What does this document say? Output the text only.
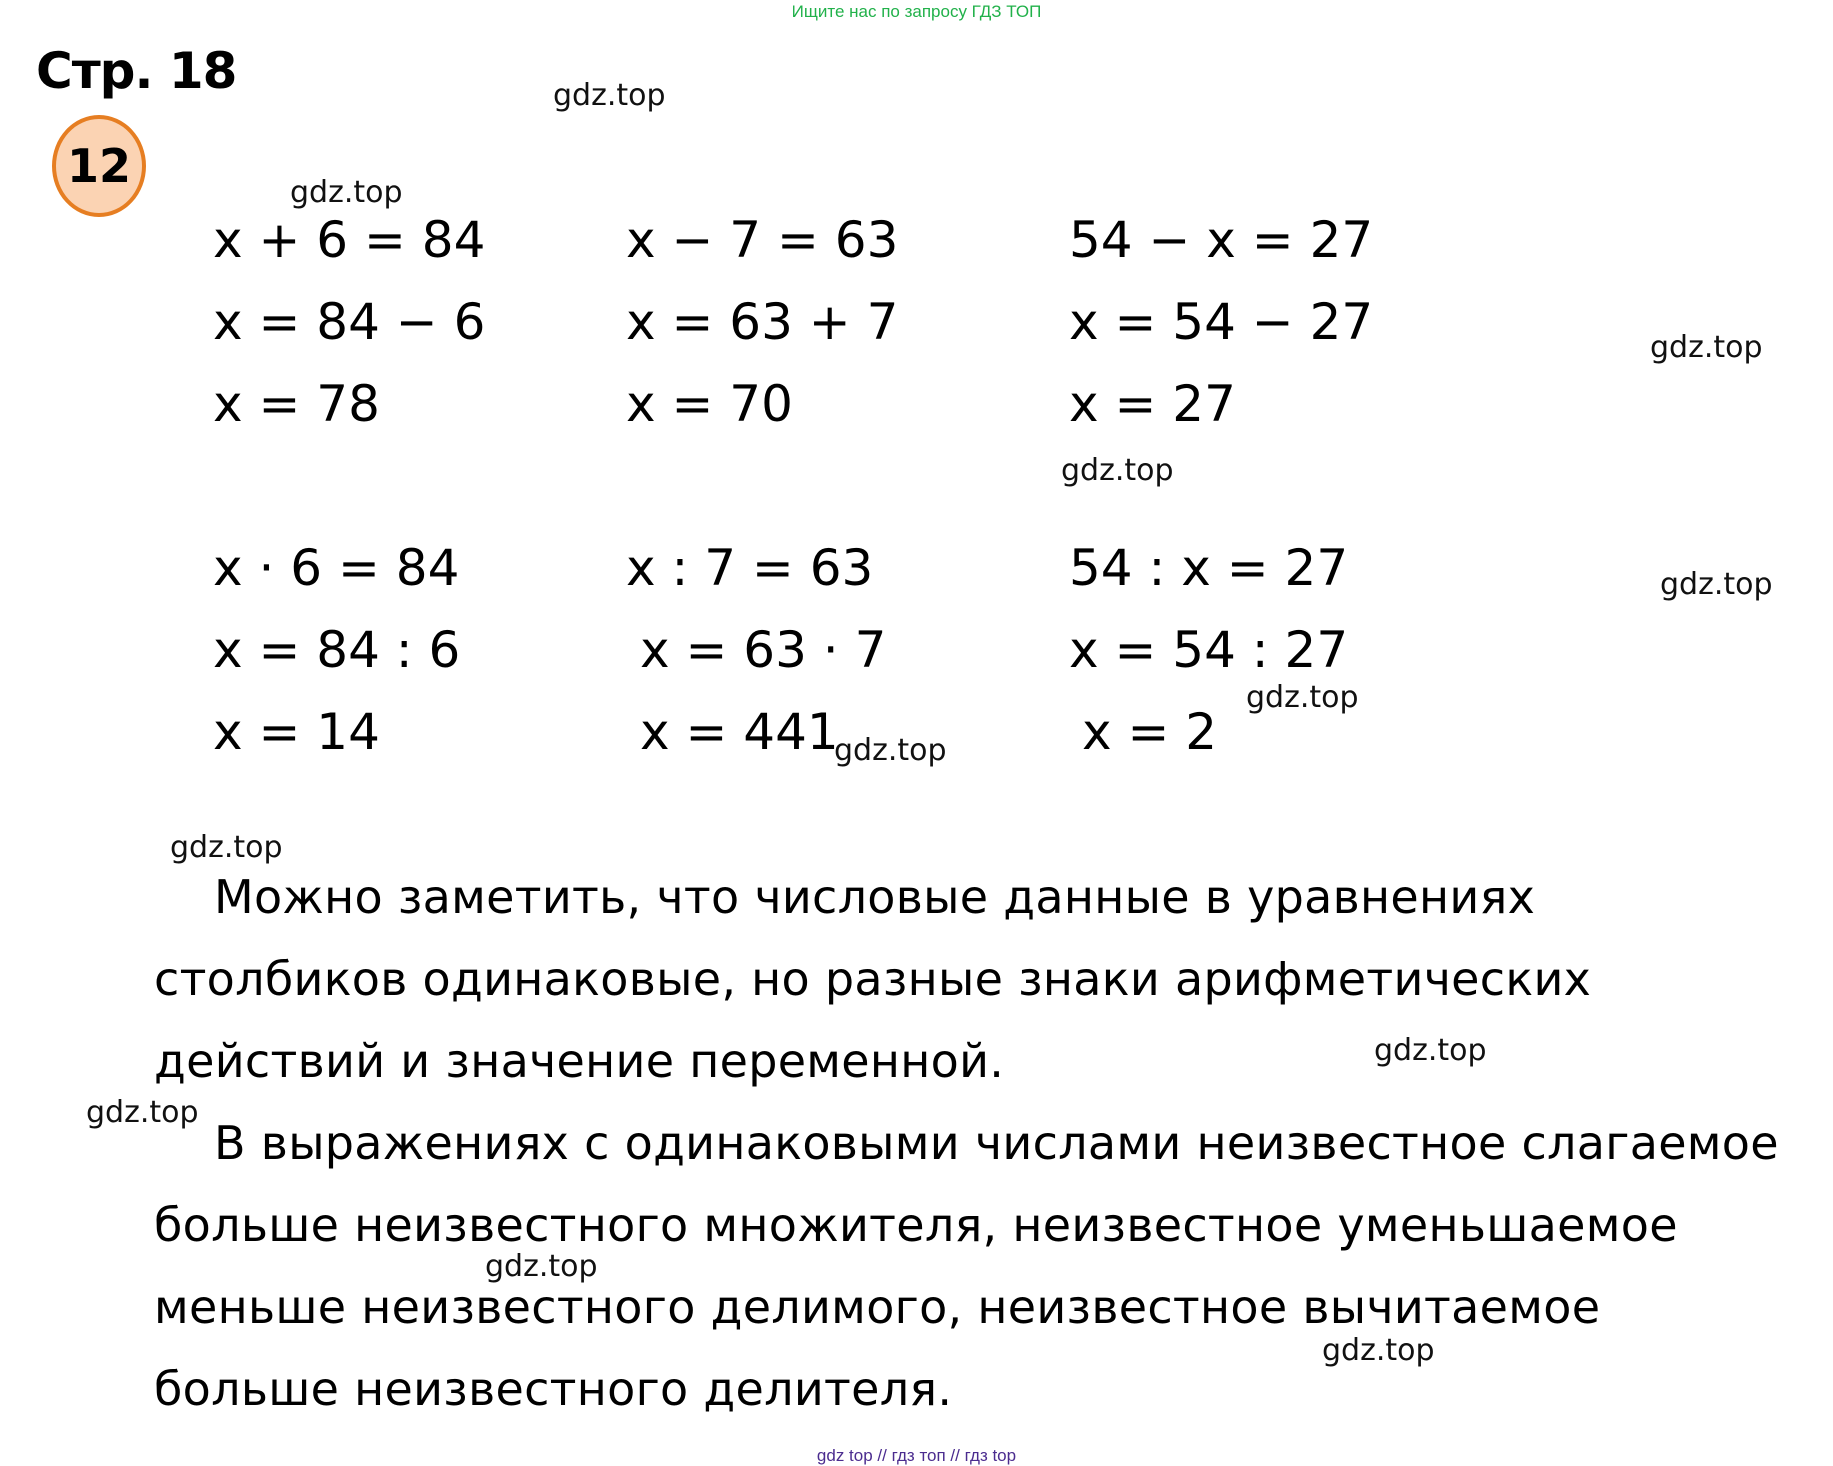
Ищите нас по запросу ГДЗ ТОП
Стр. 18
12
gdz.top
gdz.top
gdz.top
gdz.top
gdz.top
gdz.top
gdz.top
gdz.top
gdz.top
gdz.top
gdz.top
gdz.top
x + 6 = 84
x = 84 − 6
x = 78
x − 7 = 63
x = 63 + 7
x = 70
54 − x = 27
x = 54 − 27
x = 27
x · 6 = 84
x = 84 : 6
x = 14
x : 7 = 63
x = 63 · 7
x = 441
54 : x = 27
x = 54 : 27
x = 2
Можно заметить, что числовые данные в уравнениях
столбиков одинаковые, но разные знаки арифметических
действий и значение переменной.
В выражениях с одинаковыми числами неизвестное слагаемое
больше неизвестного множителя, неизвестное уменьшаемое
меньше неизвестного делимого, неизвестное вычитаемое
больше неизвестного делителя.
gdz top // гдз топ // гдз top
